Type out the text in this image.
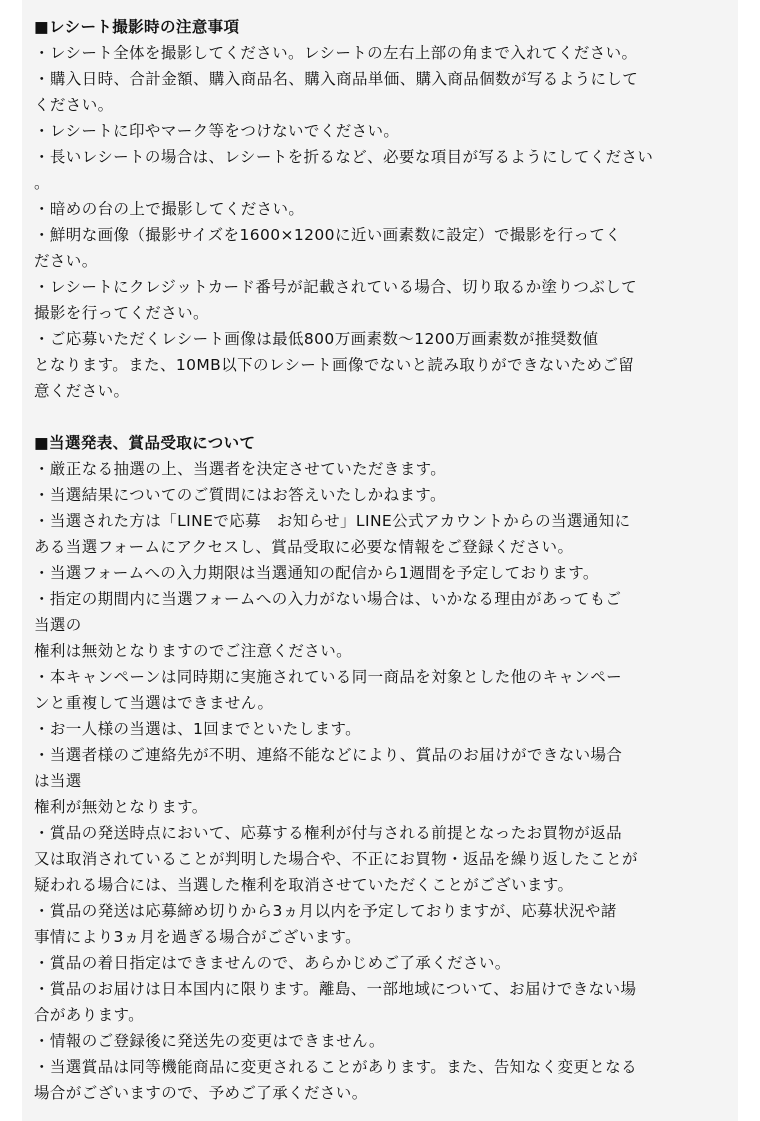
■レシート撮影時の注意事項
・レシート全体を撮影してください。レシートの左右上部の角まで入れてください。
・購入日時、合計金額、購入商品名、購入商品単価、購入商品個数が写るようにして
ください。
・レシートに印やマーク等をつけないでください。
・長いレシートの場合は、レシートを折るなど、必要な項目が写るようにしてください
。
・暗めの台の上で撮影してください。
・鮮明な画像（撮影サイズを1600×1200に近い画素数に設定）で撮影を行ってく
ださい。
・レシートにクレジットカード番号が記載されている場合、切り取るか塗りつぶして
撮影を行ってください。
・ご応募いただくレシート画像は最低800万画素数～1200万画素数が推奨数値
となります。また、10MB以下のレシート画像でないと読み取りができないためご留
意ください。
■当選発表、賞品受取について
・厳正なる抽選の上、当選者を決定させていただきます。
・当選結果についてのご質問にはお答えいたしかねます。
・当選された方は「LINEで応募　お知らせ」LINE公式アカウントからの当選通知に
ある当選フォームにアクセスし、賞品受取に必要な情報をご登録ください。
・当選フォームへの入力期限は当選通知の配信から1週間を予定しております。
・指定の期間内に当選フォームへの入力がない場合は、いかなる理由があってもご
当選の
権利は無効となりますのでご注意ください。
・本キャンペーンは同時期に実施されている同一商品を対象とした他のキャンペー
ンと重複して当選はできません。
・お一人様の当選は、1回までといたします。
・当選者様のご連絡先が不明、連絡不能などにより、賞品のお届けができない場合
は当選
権利が無効となります。
・賞品の発送時点において、応募する権利が付与される前提となったお買物が返品
又は取消されていることが判明した場合や、不正にお買物・返品を繰り返したことが
疑われる場合には、当選した権利を取消させていただくことがございます。
・賞品の発送は応募締め切りから3ヵ月以内を予定しておりますが、応募状況や諸
事情により3ヵ月を過ぎる場合がございます。
・賞品の着日指定はできませんので、あらかじめご了承ください。
・賞品のお届けは日本国内に限ります。離島、一部地域について、お届けできない場
合があります。
・情報のご登録後に発送先の変更はできません。
・当選賞品は同等機能商品に変更されることがあります。また、告知なく変更となる
場合がございますので、予めご了承ください。
